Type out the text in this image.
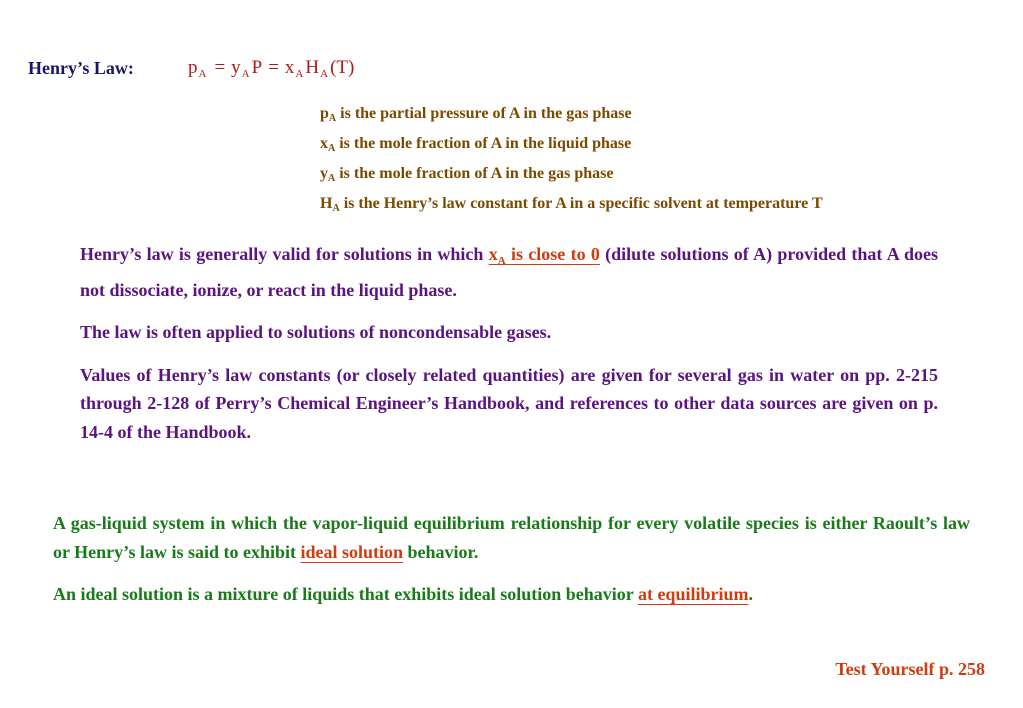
Henry’s Law:	$p_A = y_A$ $P = x_A$ $H_A$ (T)
$p_A$ is the partial pressure of A in the gas phase
$x_A$ is the mole fraction of A in the liquid phase
$y_A$ is the mole fraction of A in the gas phase
$H_A$ is the Henry’s law constant for A in a specific solvent at temperature T

Henry’s law is generally valid for solutions in which $x_A$ is close to 0 (dilute solutions of A) provided that A does not dissociate, ionize, or react in the liquid phase.

The law is often applied to solutions of noncondensable gases.

Values of Henry’s law constants (or closely related quantities) are given for several gas in water on pp. 2-215 through 2-128 of Perry’s Chemical Engineer’s Handbook, and references to other data sources are given on p. 14-4 of the Handbook.

A gas-liquid system in which the vapor-liquid equilibrium relationship for every volatile species is either Raoult’s law or Henry’s law is said to exhibit ideal solution behavior.

An ideal solution is a mixture of liquids that exhibits ideal solution behavior at equilibrium.

Test Yourself p. 258
